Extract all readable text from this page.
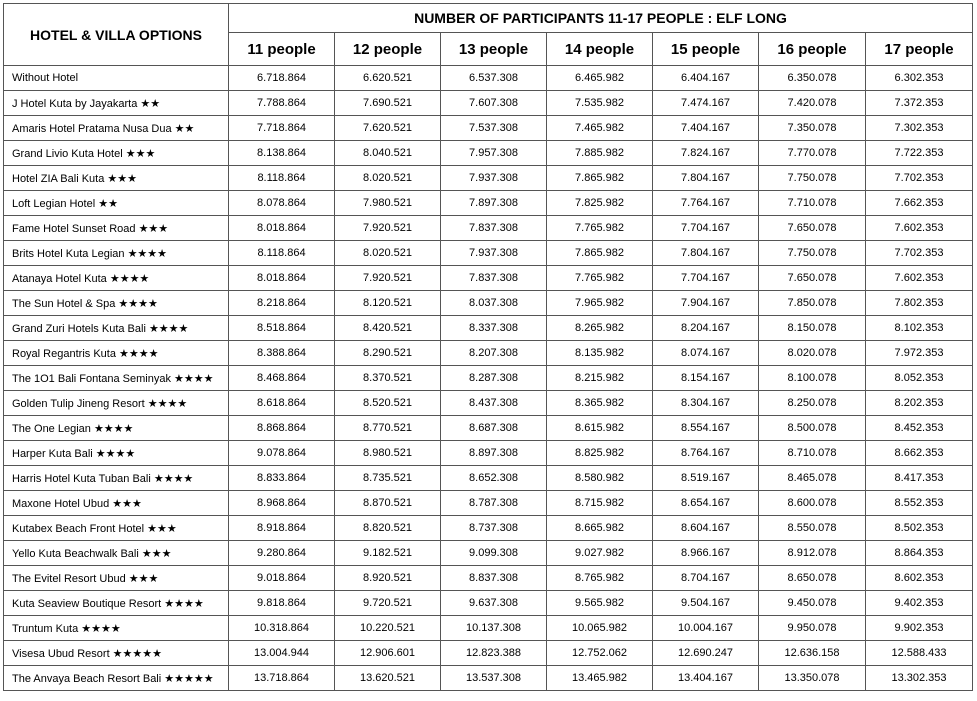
HOTEL & VILLA OPTIONS	NUMBER OF PARTICIPANTS 11-17 PEOPLE : ELF LONG						
	11 people	12 people	13 people	14 people	15 people	16 people	17 people
Without Hotel	6.718.864	6.620.521	6.537.308	6.465.982	6.404.167	6.350.078	6.302.353
J Hotel Kuta by Jayakarta ★★	7.788.864	7.690.521	7.607.308	7.535.982	7.474.167	7.420.078	7.372.353
Amaris Hotel Pratama Nusa Dua ★★	7.718.864	7.620.521	7.537.308	7.465.982	7.404.167	7.350.078	7.302.353
Grand Livio Kuta Hotel ★★★	8.138.864	8.040.521	7.957.308	7.885.982	7.824.167	7.770.078	7.722.353
Hotel ZIA Bali Kuta ★★★	8.118.864	8.020.521	7.937.308	7.865.982	7.804.167	7.750.078	7.702.353
Loft Legian Hotel ★★	8.078.864	7.980.521	7.897.308	7.825.982	7.764.167	7.710.078	7.662.353
Fame Hotel Sunset Road ★★★	8.018.864	7.920.521	7.837.308	7.765.982	7.704.167	7.650.078	7.602.353
Brits Hotel Kuta Legian ★★★★	8.118.864	8.020.521	7.937.308	7.865.982	7.804.167	7.750.078	7.702.353
Atanaya Hotel Kuta ★★★★	8.018.864	7.920.521	7.837.308	7.765.982	7.704.167	7.650.078	7.602.353
The Sun Hotel & Spa ★★★★	8.218.864	8.120.521	8.037.308	7.965.982	7.904.167	7.850.078	7.802.353
Grand Zuri Hotels Kuta Bali ★★★★	8.518.864	8.420.521	8.337.308	8.265.982	8.204.167	8.150.078	8.102.353
Royal Regantris Kuta ★★★★	8.388.864	8.290.521	8.207.308	8.135.982	8.074.167	8.020.078	7.972.353
The 1O1 Bali Fontana Seminyak ★★★★	8.468.864	8.370.521	8.287.308	8.215.982	8.154.167	8.100.078	8.052.353
Golden Tulip Jineng Resort ★★★★	8.618.864	8.520.521	8.437.308	8.365.982	8.304.167	8.250.078	8.202.353
The One Legian ★★★★	8.868.864	8.770.521	8.687.308	8.615.982	8.554.167	8.500.078	8.452.353
Harper Kuta Bali ★★★★	9.078.864	8.980.521	8.897.308	8.825.982	8.764.167	8.710.078	8.662.353
Harris Hotel Kuta Tuban Bali ★★★★	8.833.864	8.735.521	8.652.308	8.580.982	8.519.167	8.465.078	8.417.353
Maxone Hotel Ubud ★★★	8.968.864	8.870.521	8.787.308	8.715.982	8.654.167	8.600.078	8.552.353
Kutabex Beach Front Hotel ★★★	8.918.864	8.820.521	8.737.308	8.665.982	8.604.167	8.550.078	8.502.353
Yello Kuta Beachwalk Bali ★★★	9.280.864	9.182.521	9.099.308	9.027.982	8.966.167	8.912.078	8.864.353
The Evitel Resort Ubud ★★★	9.018.864	8.920.521	8.837.308	8.765.982	8.704.167	8.650.078	8.602.353
Kuta Seaview Boutique Resort ★★★★	9.818.864	9.720.521	9.637.308	9.565.982	9.504.167	9.450.078	9.402.353
Truntum Kuta ★★★★	10.318.864	10.220.521	10.137.308	10.065.982	10.004.167	9.950.078	9.902.353
Visesa Ubud Resort ★★★★★	13.004.944	12.906.601	12.823.388	12.752.062	12.690.247	12.636.158	12.588.433
The Anvaya Beach Resort Bali ★★★★★	13.718.864	13.620.521	13.537.308	13.465.982	13.404.167	13.350.078	13.302.353
